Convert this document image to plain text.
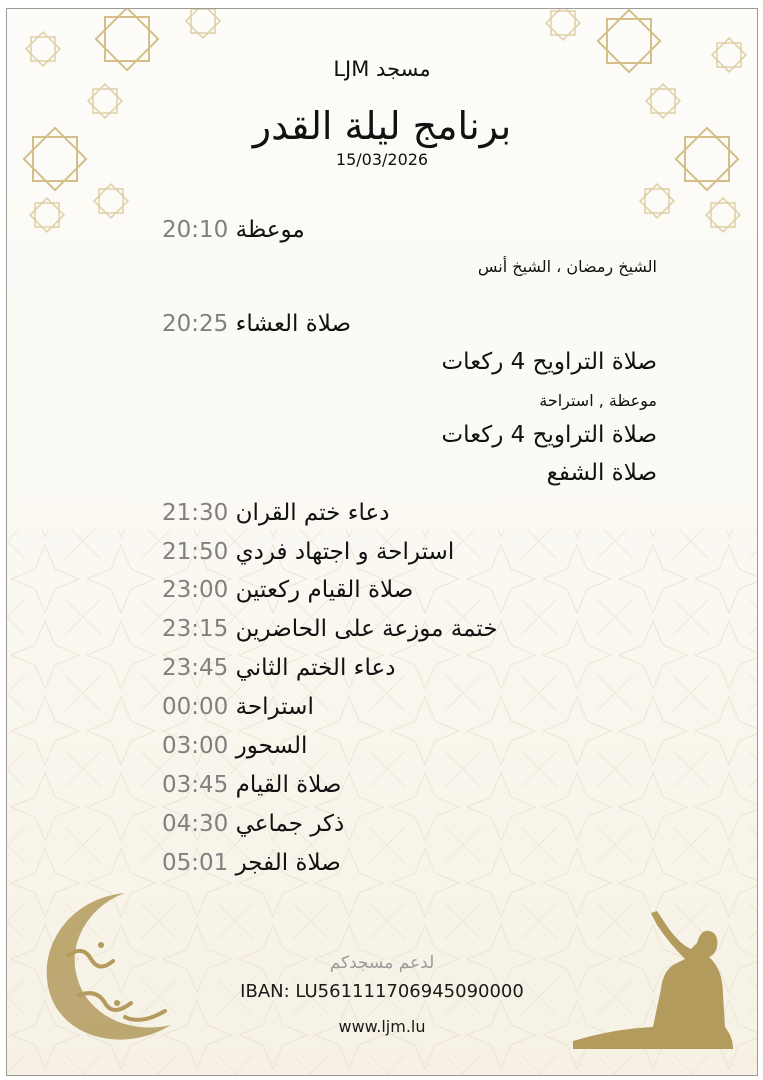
مسجد LJM
برنامج ليلة القدر
15/03/2026
20:10 موعظة
الشيخ رمضان ، الشيخ أنس
20:25 صلاة العشاء
صلاة التراويح 4 ركعات
موعظة , استراحة
صلاة التراويح 4 ركعات
صلاة الشفع
21:30 دعاء ختم القران
21:50 استراحة و اجتهاد فردي
23:00 صلاة القيام ركعتين
23:15 ختمة موزعة على الحاضرين
23:45 دعاء الختم الثاني
00:00 استراحة
03:00 السحور
03:45 صلاة القيام
04:30 ذكر جماعي
05:01 صلاة الفجر
لدعم مسجدكم
IBAN: LU561111706945090000
www.ljm.lu
